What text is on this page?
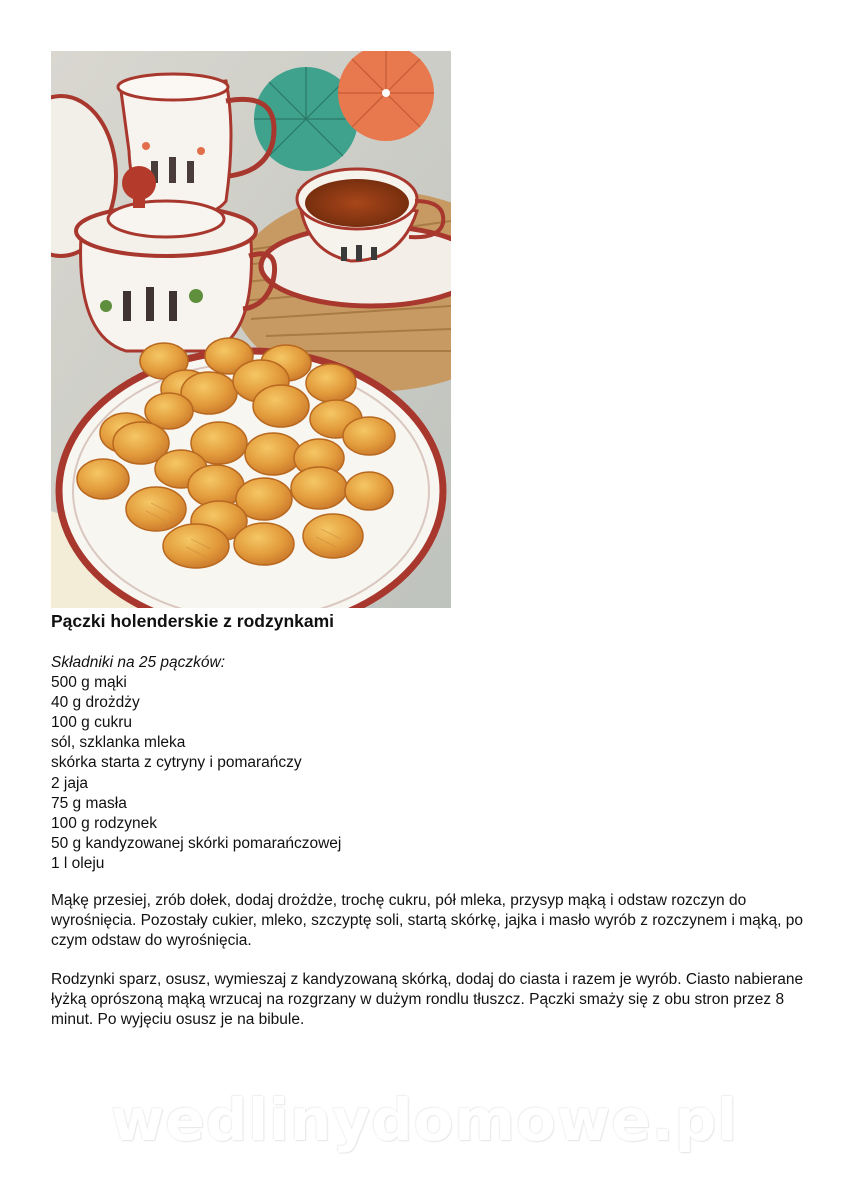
Pączki holenderskie z rodzynkami
Składniki na 25 pączków:
500 g mąki
40 g drożdży
100 g cukru
sól, szklanka mleka
skórka starta z cytryny i pomarańczy
2 jaja
75 g masła
100 g rodzynek
50 g kandyzowanej skórki pomarańczowej
1 l oleju

Mąkę przesiej, zrób dołek, dodaj drożdże, trochę cukru, pół mleka, przysyp mąką i odstaw rozczyn do wyrośnięcia. Pozostały cukier, mleko, szczyptę soli, startą skórkę, jajka i masło wyrób z rozczynem i mąką, po czym odstaw do wyrośnięcia.

Rodzynki sparz, osusz, wymieszaj z kandyzowaną skórką, dodaj do ciasta i razem je wyrób. Ciasto nabierane łyżką oprószoną mąką wrzucaj na rozgrzany w dużym rondlu tłuszcz. Pączki smaży się z obu stron przez 8 minut. Po wyjęciu osusz je na bibule.

wedlinydomowe.pl
